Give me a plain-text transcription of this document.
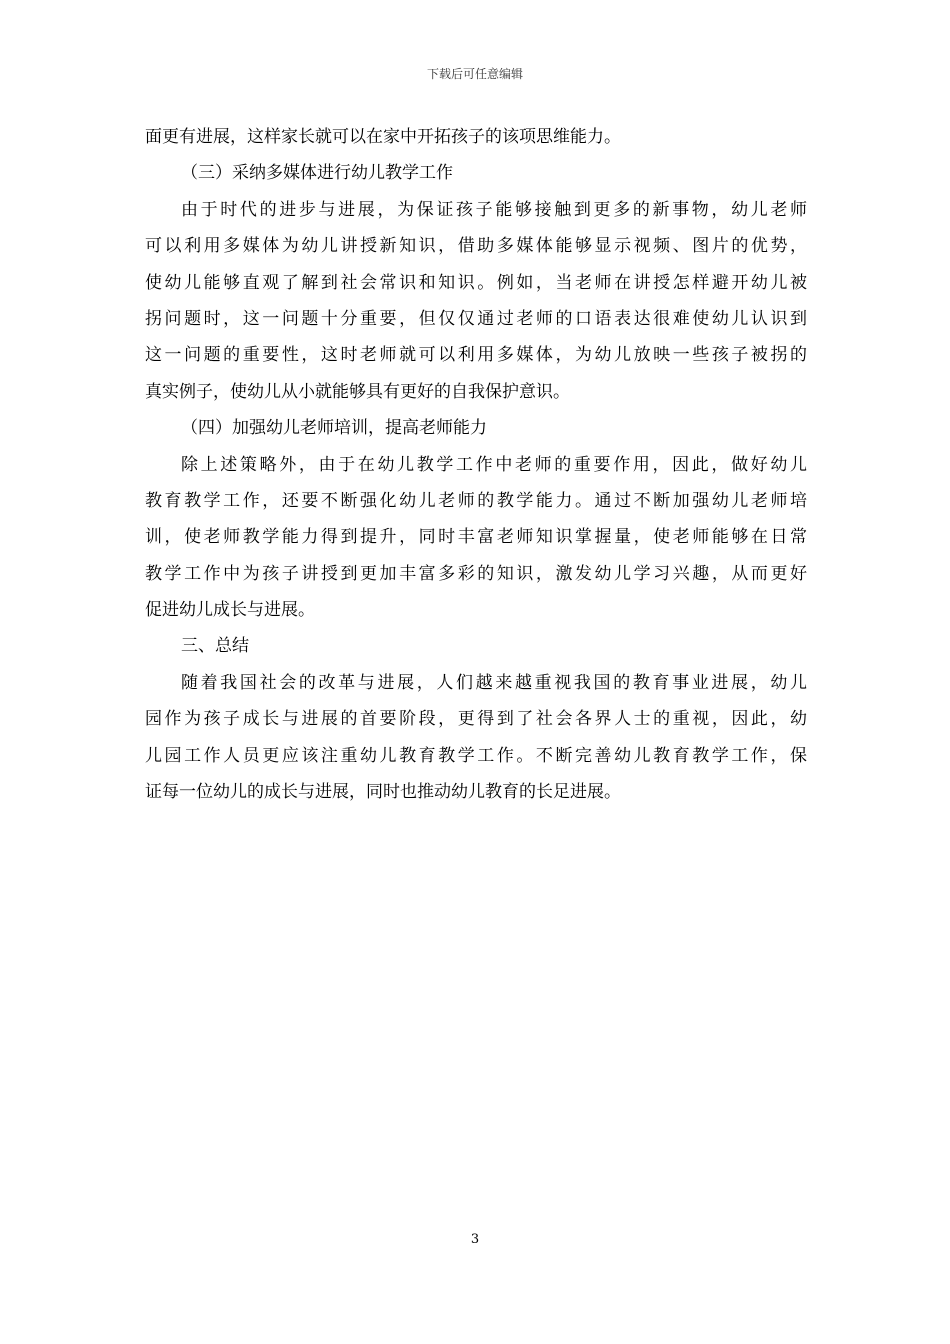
下载后可任意编辑
面更有进展，这样家长就可以在家中开拓孩子的该项思维能力。
（三）采纳多媒体进行幼儿教学工作
由于时代的进步与进展，为保证孩子能够接触到更多的新事物，幼儿老师
可以利用多媒体为幼儿讲授新知识，借助多媒体能够显示视频、图片的优势，
使幼儿能够直观了解到社会常识和知识。例如，当老师在讲授怎样避开幼儿被
拐问题时，这一问题十分重要，但仅仅通过老师的口语表达很难使幼儿认识到
这一问题的重要性，这时老师就可以利用多媒体，为幼儿放映一些孩子被拐的
真实例子，使幼儿从小就能够具有更好的自我保护意识。
（四）加强幼儿老师培训，提高老师能力
除上述策略外，由于在幼儿教学工作中老师的重要作用，因此，做好幼儿
教育教学工作，还要不断强化幼儿老师的教学能力。通过不断加强幼儿老师培
训，使老师教学能力得到提升，同时丰富老师知识掌握量，使老师能够在日常
教学工作中为孩子讲授到更加丰富多彩的知识，激发幼儿学习兴趣，从而更好
促进幼儿成长与进展。
三、总结
随着我国社会的改革与进展，人们越来越重视我国的教育事业进展，幼儿
园作为孩子成长与进展的首要阶段，更得到了社会各界人士的重视，因此，幼
儿园工作人员更应该注重幼儿教育教学工作。不断完善幼儿教育教学工作，保
证每一位幼儿的成长与进展，同时也推动幼儿教育的长足进展。
3
